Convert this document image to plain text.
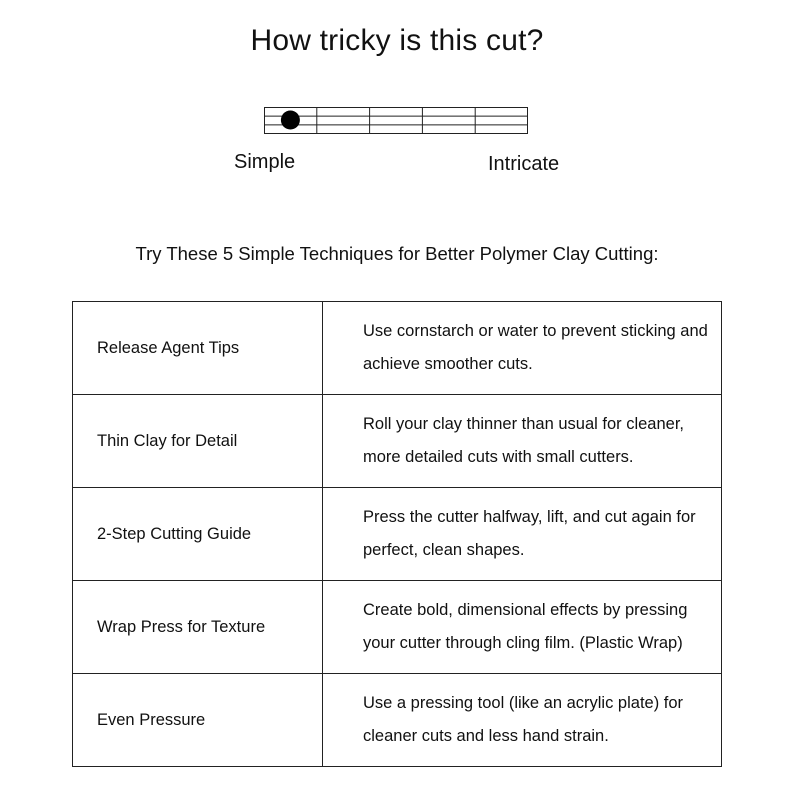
How tricky is this cut?
Simple	Intricate
Try These 5 Simple Techniques for Better Polymer Clay Cutting:
Release Agent Tips	Use cornstarch or water to prevent sticking and achieve smoother cuts.
Thin Clay for Detail	Roll your clay thinner than usual for cleaner, more detailed cuts with small cutters.
2-Step Cutting Guide	Press the cutter halfway, lift, and cut again for perfect, clean shapes.
Wrap Press for Texture	Create bold, dimensional effects by pressing your cutter through cling film. (Plastic Wrap)
Even Pressure	Use a pressing tool (like an acrylic plate) for cleaner cuts and less hand strain.
